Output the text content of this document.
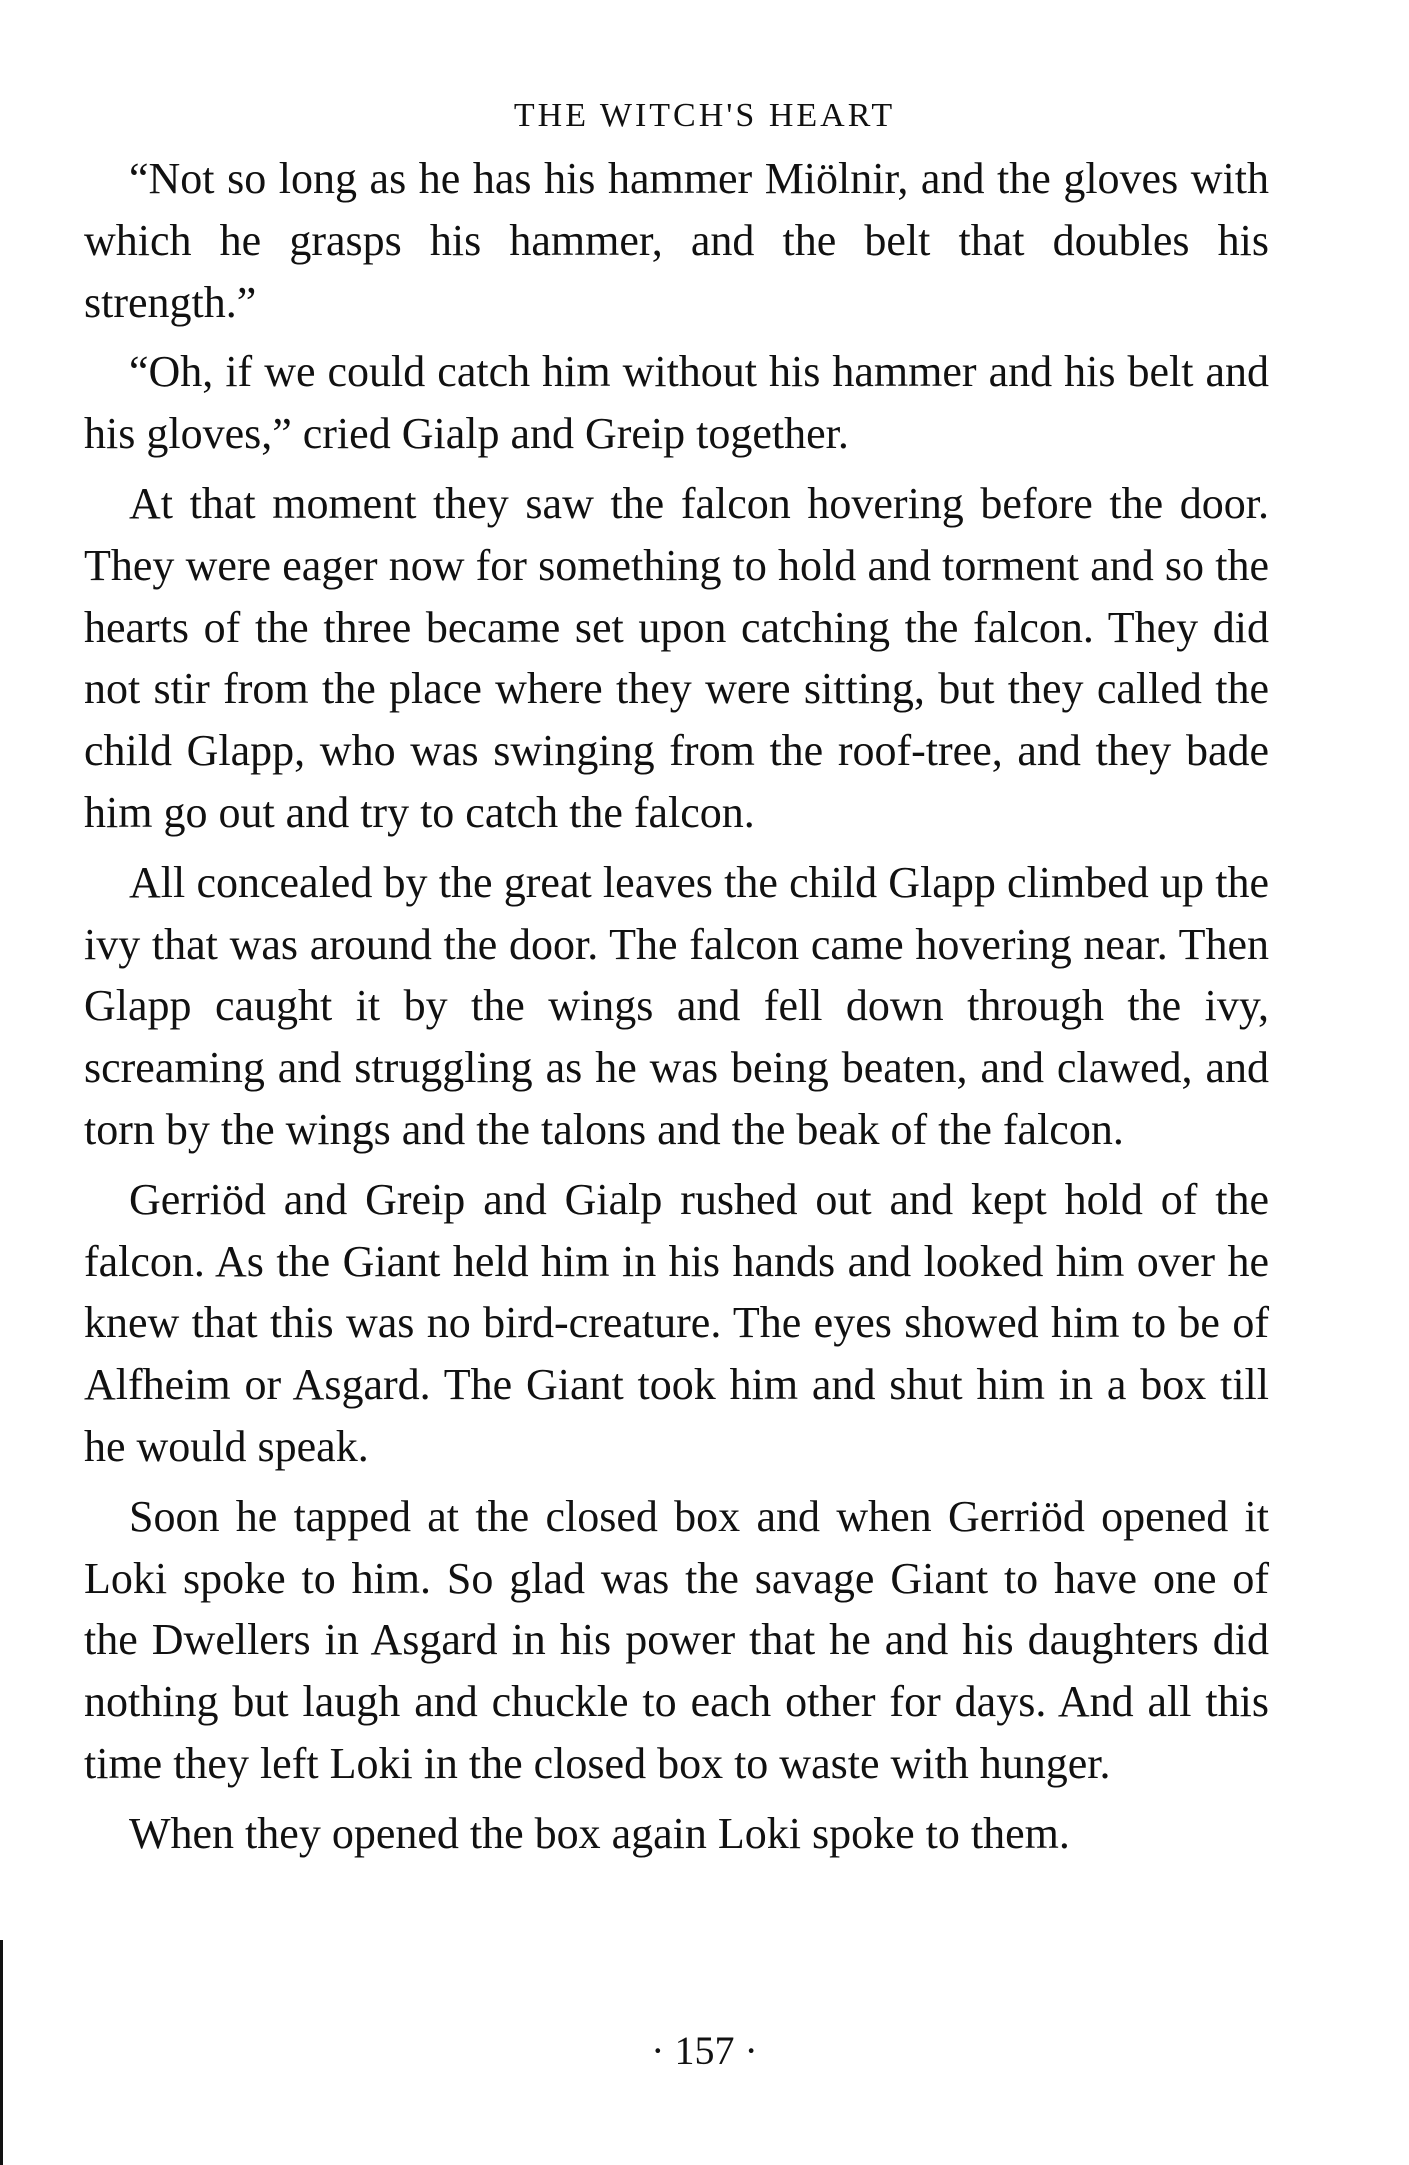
THE WITCH'S HEART

“Not so long as he has his hammer Miölnir, and the gloves with which he grasps his hammer, and the belt that doubles his strength.”

“Oh, if we could catch him without his hammer and his belt and his gloves,” cried Gialp and Greip together.

At that moment they saw the falcon hovering before the door. They were eager now for something to hold and torment and so the hearts of the three became set upon catching the falcon. They did not stir from the place where they were sitting, but they called the child Glapp, who was swinging from the roof-tree, and they bade him go out and try to catch the falcon.

All concealed by the great leaves the child Glapp climbed up the ivy that was around the door. The falcon came hovering near. Then Glapp caught it by the wings and fell down through the ivy, screaming and struggling as he was being beaten, and clawed, and torn by the wings and the talons and the beak of the falcon.

Gerriöd and Greip and Gialp rushed out and kept hold of the falcon. As the Giant held him in his hands and looked him over he knew that this was no bird-creature. The eyes showed him to be of Alfheim or Asgard. The Giant took him and shut him in a box till he would speak.

Soon he tapped at the closed box and when Gerriöd opened it Loki spoke to him. So glad was the savage Giant to have one of the Dwellers in Asgard in his power that he and his daughters did nothing but laugh and chuckle to each other for days. And all this time they left Loki in the closed box to waste with hunger.

When they opened the box again Loki spoke to them.

· 157 ·
